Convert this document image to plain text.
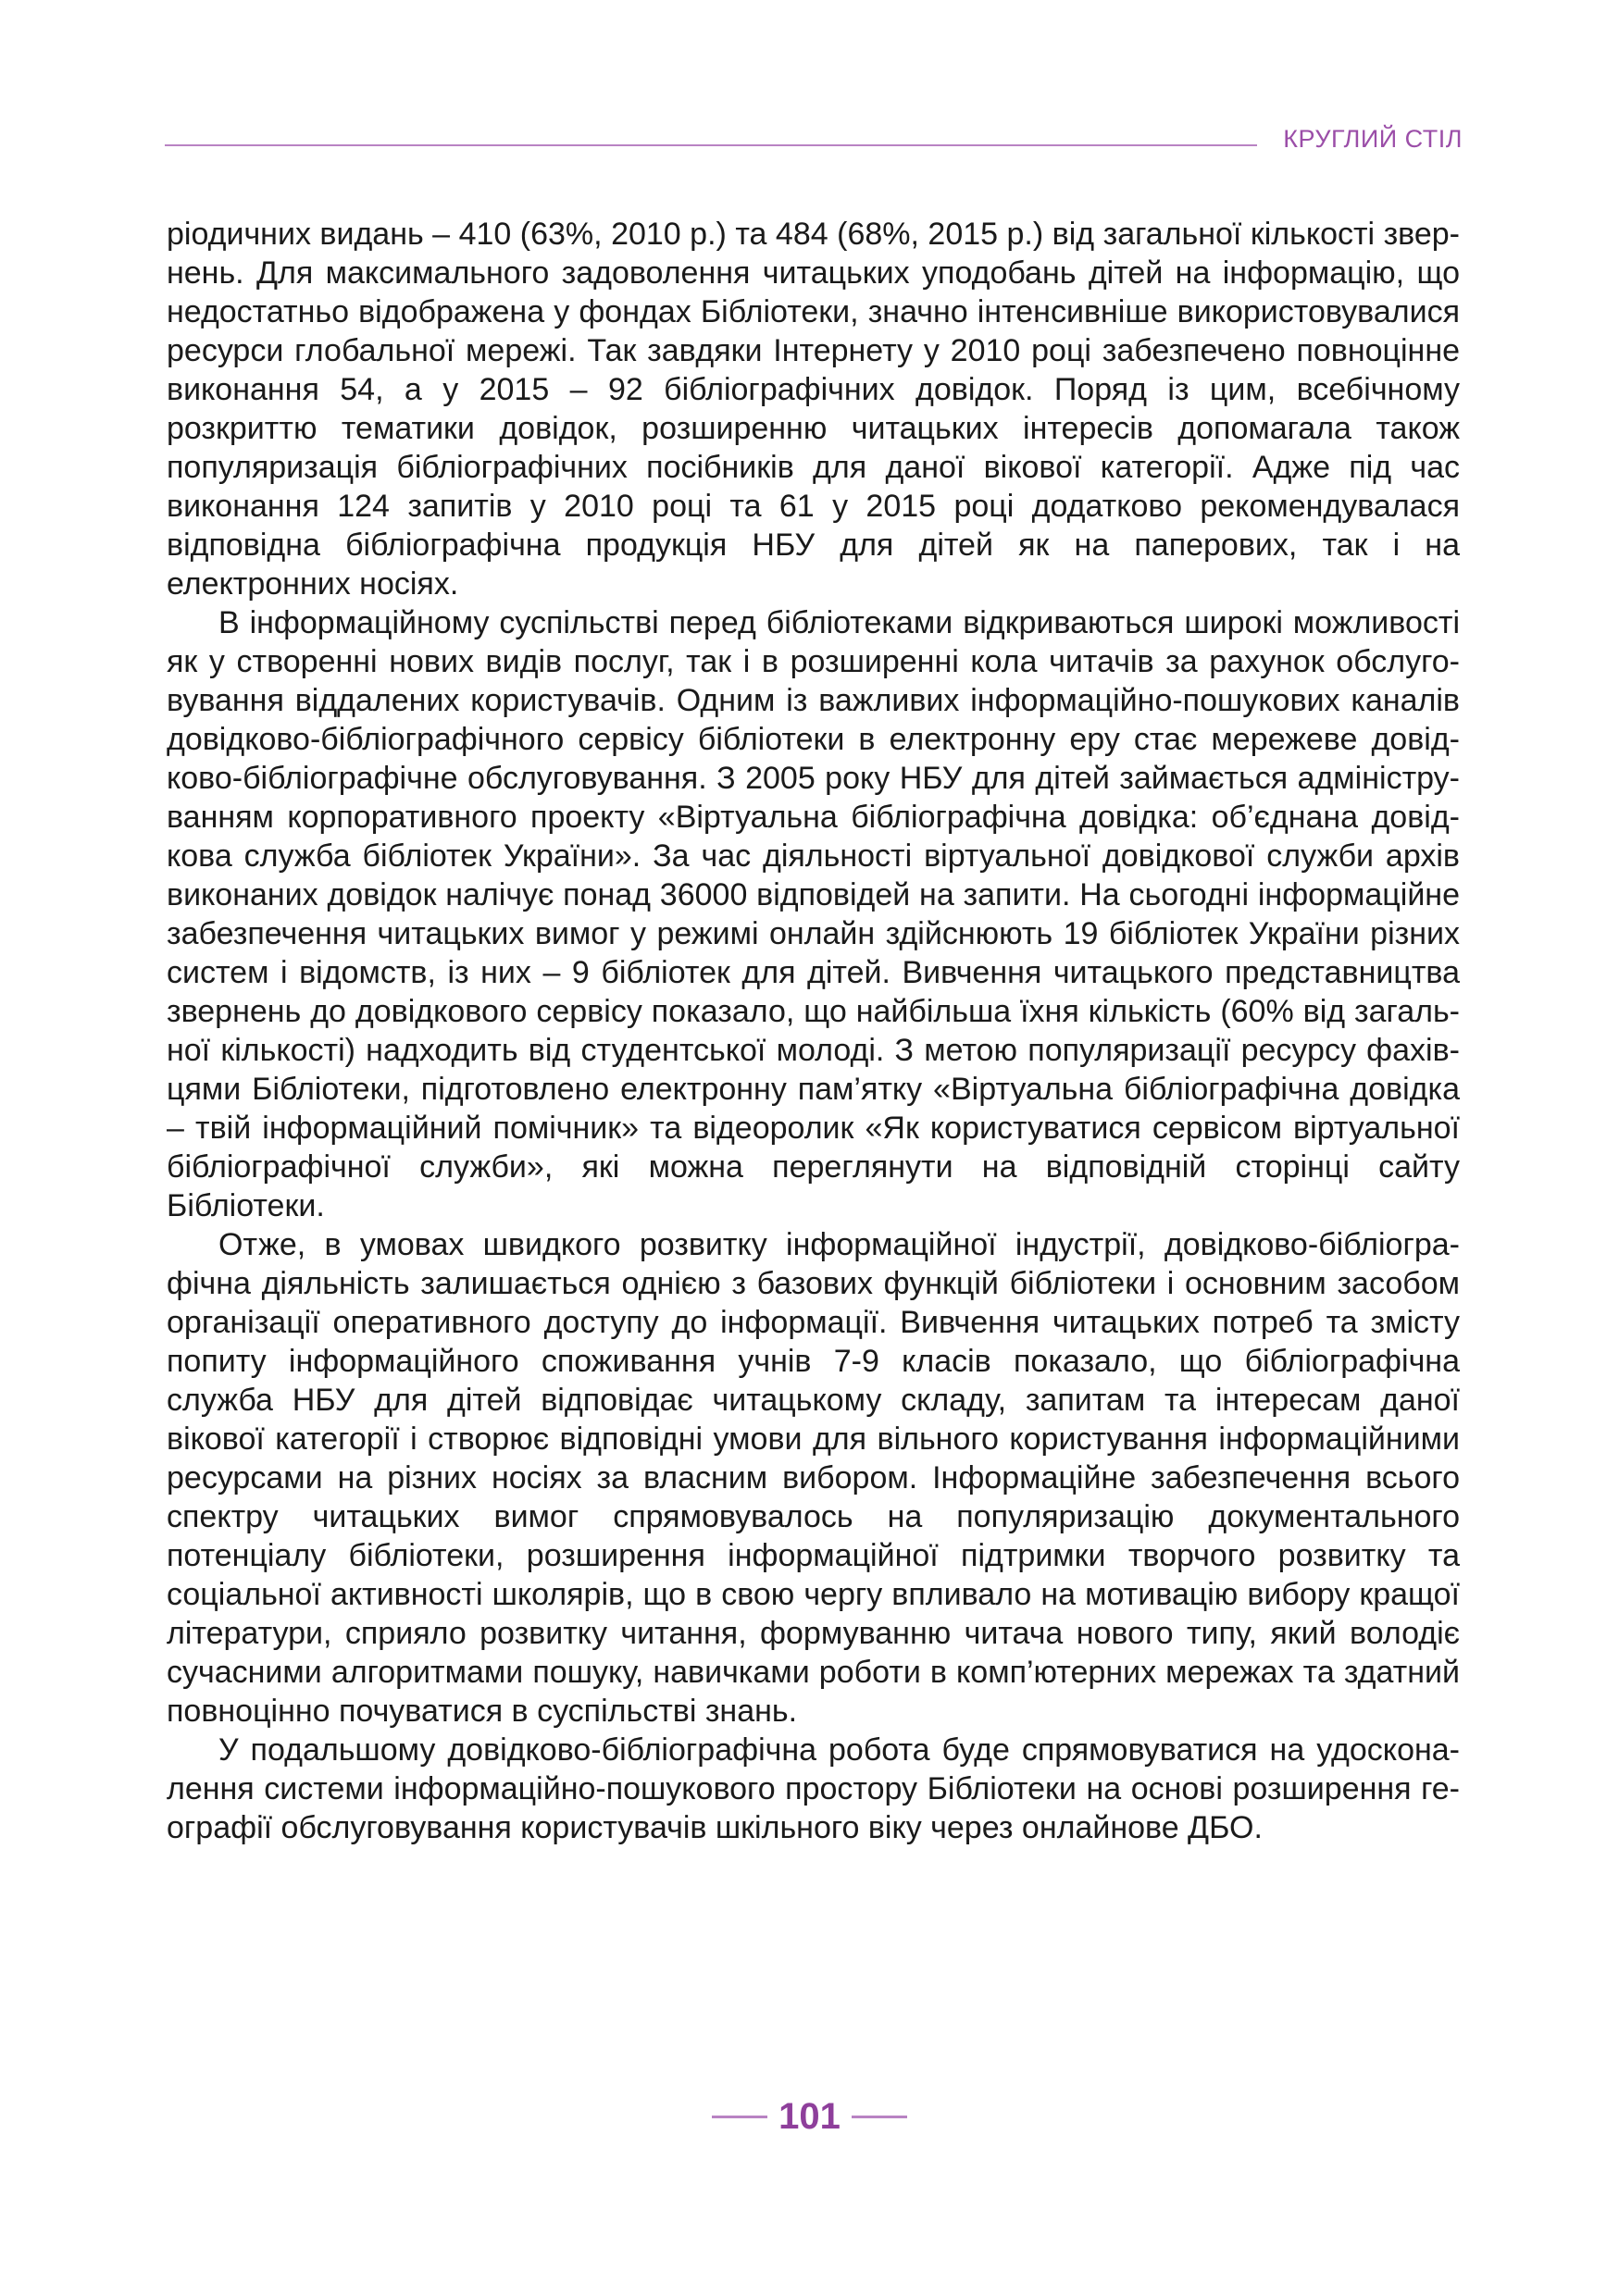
КРУГЛИЙ СТІЛ

ріодичних видань – 410 (63%, 2010 р.) та 484 (68%, 2015 р.) від загальної кількості звернень. Для максимального задоволення читацьких уподобань дітей на інформацію, що недостатньо відображена у фондах Бібліотеки, значно інтенсивніше використовувалися ресурси глобальної мережі. Так завдяки Інтернету у 2010 році забезпечено повноцінне виконання 54, а у 2015 – 92 бібліографічних довідок. Поряд із цим, всебічному розкриттю тематики довідок, розширенню читацьких інтересів допомагала також популяризація бібліографічних посібників для даної вікової категорії. Адже під час виконання 124 запитів у 2010 році та 61 у 2015 році додатково рекомендувалася відповідна бібліографічна продукція НБУ для дітей як на паперових, так і на електронних носіях.

В інформаційному суспільстві перед бібліотеками відкриваються широкі можливості як у створенні нових видів послуг, так і в розширенні кола читачів за рахунок обслуговування віддалених користувачів. Одним із важливих інформаційно-пошукових каналів довідково-бібліографічного сервісу бібліотеки в електронну еру стає мережеве довідково-бібліографічне обслуговування. З 2005 року НБУ для дітей займається адмініструванням корпоративного проекту «Віртуальна бібліографічна довідка: об’єднана довідкова служба бібліотек України». За час діяльності віртуальної довідкової служби архів виконаних довідок налічує понад 36000 відповідей на запити. На сьогодні інформаційне забезпечення читацьких вимог у режимі онлайн здійснюють 19 бібліотек України різних систем і відомств, із них – 9 бібліотек для дітей. Вивчення читацького представництва звернень до довідкового сервісу показало, що найбільша їхня кількість (60% від загальної кількості) надходить від студентської молоді. З метою популяризації ресурсу фахівцями Бібліотеки, підготовлено електронну пам’ятку «Віртуальна бібліографічна довідка – твій інформаційний помічник» та відеоролик «Як користуватися сервісом віртуальної бібліографічної служби», які можна переглянути на відповідній сторінці сайту Бібліотеки.

Отже, в умовах швидкого розвитку інформаційної індустрії, довідково-бібліографічна діяльність залишається однією з базових функцій бібліотеки і основним засобом організації оперативного доступу до інформації. Вивчення читацьких потреб та змісту попиту інформаційного споживання учнів 7-9 класів показало, що бібліографічна служба НБУ для дітей відповідає читацькому складу, запитам та інтересам даної вікової категорії і створює відповідні умови для вільного користування інформаційними ресурсами на різних носіях за власним вибором. Інформаційне забезпечення всього спектру читацьких вимог спрямовувалось на популяризацію документального потенціалу бібліотеки, розширення інформаційної підтримки творчого розвитку та соціальної активності школярів, що в свою чергу впливало на мотивацію вибору кращої літератури, сприяло розвитку читання, формуванню читача нового типу, який володіє сучасними алгоритмами пошуку, навичками роботи в комп’ютерних мережах та здатний повноцінно почуватися в суспільстві знань.

У подальшому довідково-бібліографічна робота буде спрямовуватися на удосконалення системи інформаційно-пошукового простору Бібліотеки на основі розширення географії обслуговування користувачів шкільного віку через онлайнове ДБО.

101
